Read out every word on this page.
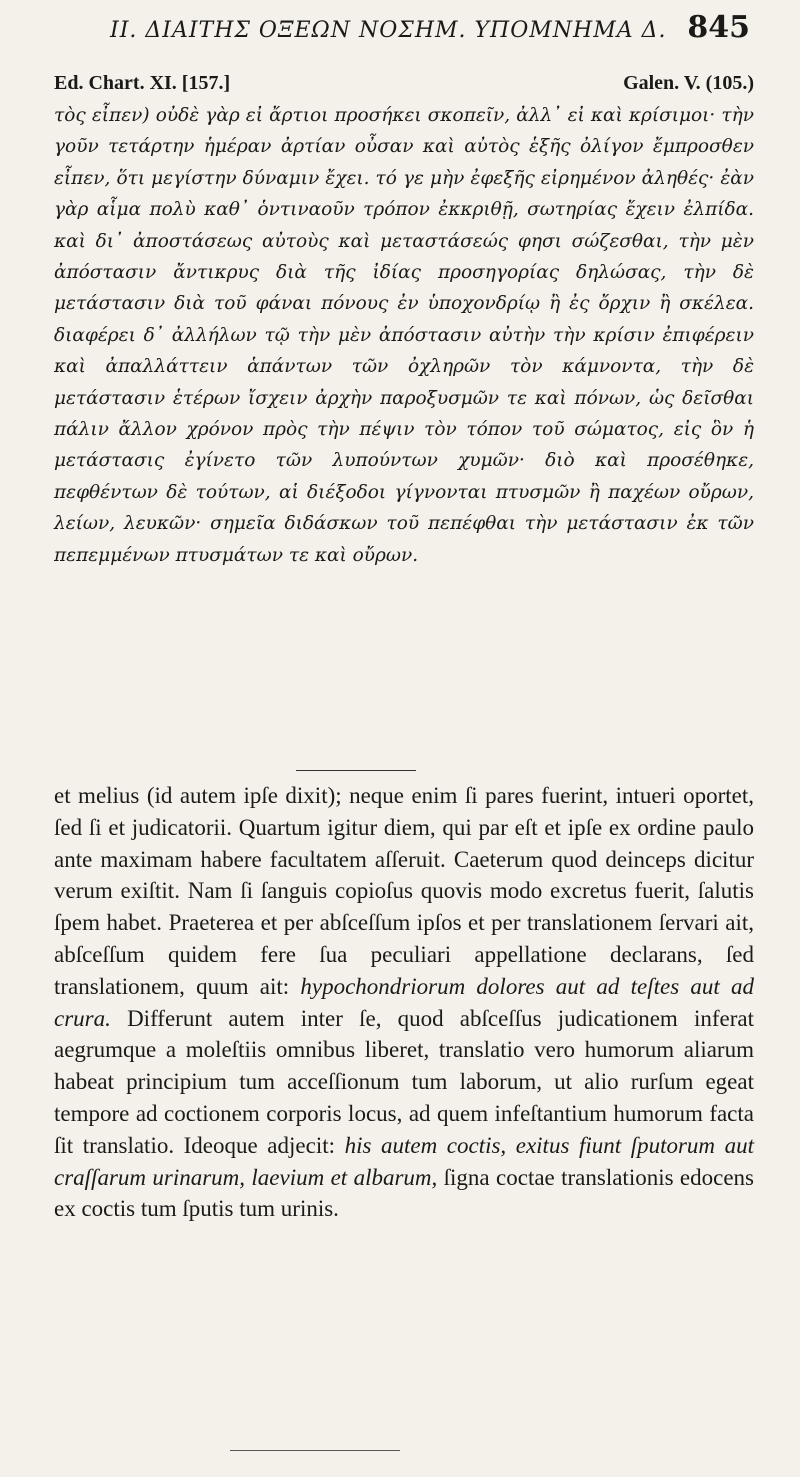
II. ΔΙΑΙΤΗΣ ΟΞΕΩΝ ΝΟΣΗΜ. ΥΠΟΜΝΗΜΑ Δ. 845
Ed. Chart. XI. [157.]	Galen. V. (105.)

τὸς εἶπεν) οὐδὲ γὰρ εἰ ἄρτιοι προσήκει σκοπεῖν, ἀλλ᾽ εἰ καὶ κρίσιμοι· τὴν γοῦν τετάρτην ἡμέραν ἀρτίαν οὖσαν καὶ αὐτὸς ἑξῆς ὀλίγον ἔμπροσθεν εἶπεν, ὅτι μεγίστην δύναμιν ἔχει. τό γε μὴν ἐφεξῆς εἰρημένον ἀληθές· ἐὰν γὰρ αἷμα πολὺ καθ᾽ ὁντιναοῦν τρόπον ἐκκριθῇ, σωτηρίας ἔχειν ἐλπίδα. καὶ δι᾽ ἀποστάσεως αὐτοὺς καὶ μεταστάσεώς φησι σώζεσθαι, τὴν μὲν ἀπόστασιν ἄντικρυς διὰ τῆς ἰδίας προσηγορίας δηλώσας, τὴν δὲ μετάστασιν διὰ τοῦ φάναι πόνους ἐν ὑποχονδρίῳ ἢ ἐς ὄρχιν ἢ σκέλεα. διαφέρει δ᾽ ἀλλήλων τῷ τὴν μὲν ἀπόστασιν αὐτὴν τὴν κρίσιν ἐπιφέρειν καὶ ἀπαλλάττειν ἁπάντων τῶν ὀχληρῶν τὸν κάμνοντα, τὴν δὲ μετάστασιν ἑτέρων ἴσχειν ἀρχὴν παροξυσμῶν τε καὶ πόνων, ὡς δεῖσθαι πάλιν ἄλλον χρόνον πρὸς τὴν πέψιν τὸν τόπον τοῦ σώματος, εἰς ὃν ἡ μετάστασις ἐγίνετο τῶν λυπούντων χυμῶν· διὸ καὶ προσέθηκε, πεφθέντων δὲ τούτων, αἱ διέξοδοι γίγνονται πτυσμῶν ἢ παχέων οὔρων, λείων, λευκῶν· σημεῖα διδάσκων τοῦ πεπέφθαι τὴν μετάστασιν ἐκ τῶν πεπεμμένων πτυσμάτων τε καὶ οὔρων.

et melius (id autem ipſe dixit); neque enim ſi pares fuerint, intueri oportet, ſed ſi et judicatorii. Quartum igitur diem, qui par eſt et ipſe ex ordine paulo ante maximam habere facultatem aſſeruit. Caeterum quod deinceps dicitur verum exiſtit. Nam ſi ſanguis copioſus quovis modo excretus fuerit, ſalutis ſpem habet. Praeterea et per abſceſſum ipſos et per translationem ſervari ait, abſceſſum quidem fere ſua peculiari appellatione declarans, ſed translationem, quum ait: hypochondriorum dolores aut ad teſtes aut ad crura. Differunt autem inter ſe, quod abſceſſus judicationem inferat aegrumque a moleſtiis omnibus liberet, translatio vero humorum aliarum habeat principium tum acceſſionum tum laborum, ut alio rurſum egeat tempore ad coctionem corporis locus, ad quem infeſtantium humorum facta ſit translatio. Ideoque adjecit: his autem coctis, exitus fiunt ſputorum aut craſſarum urinarum, laevium et albarum, ſigna coctae translationis edocens ex coctis tum ſputis tum urinis.
